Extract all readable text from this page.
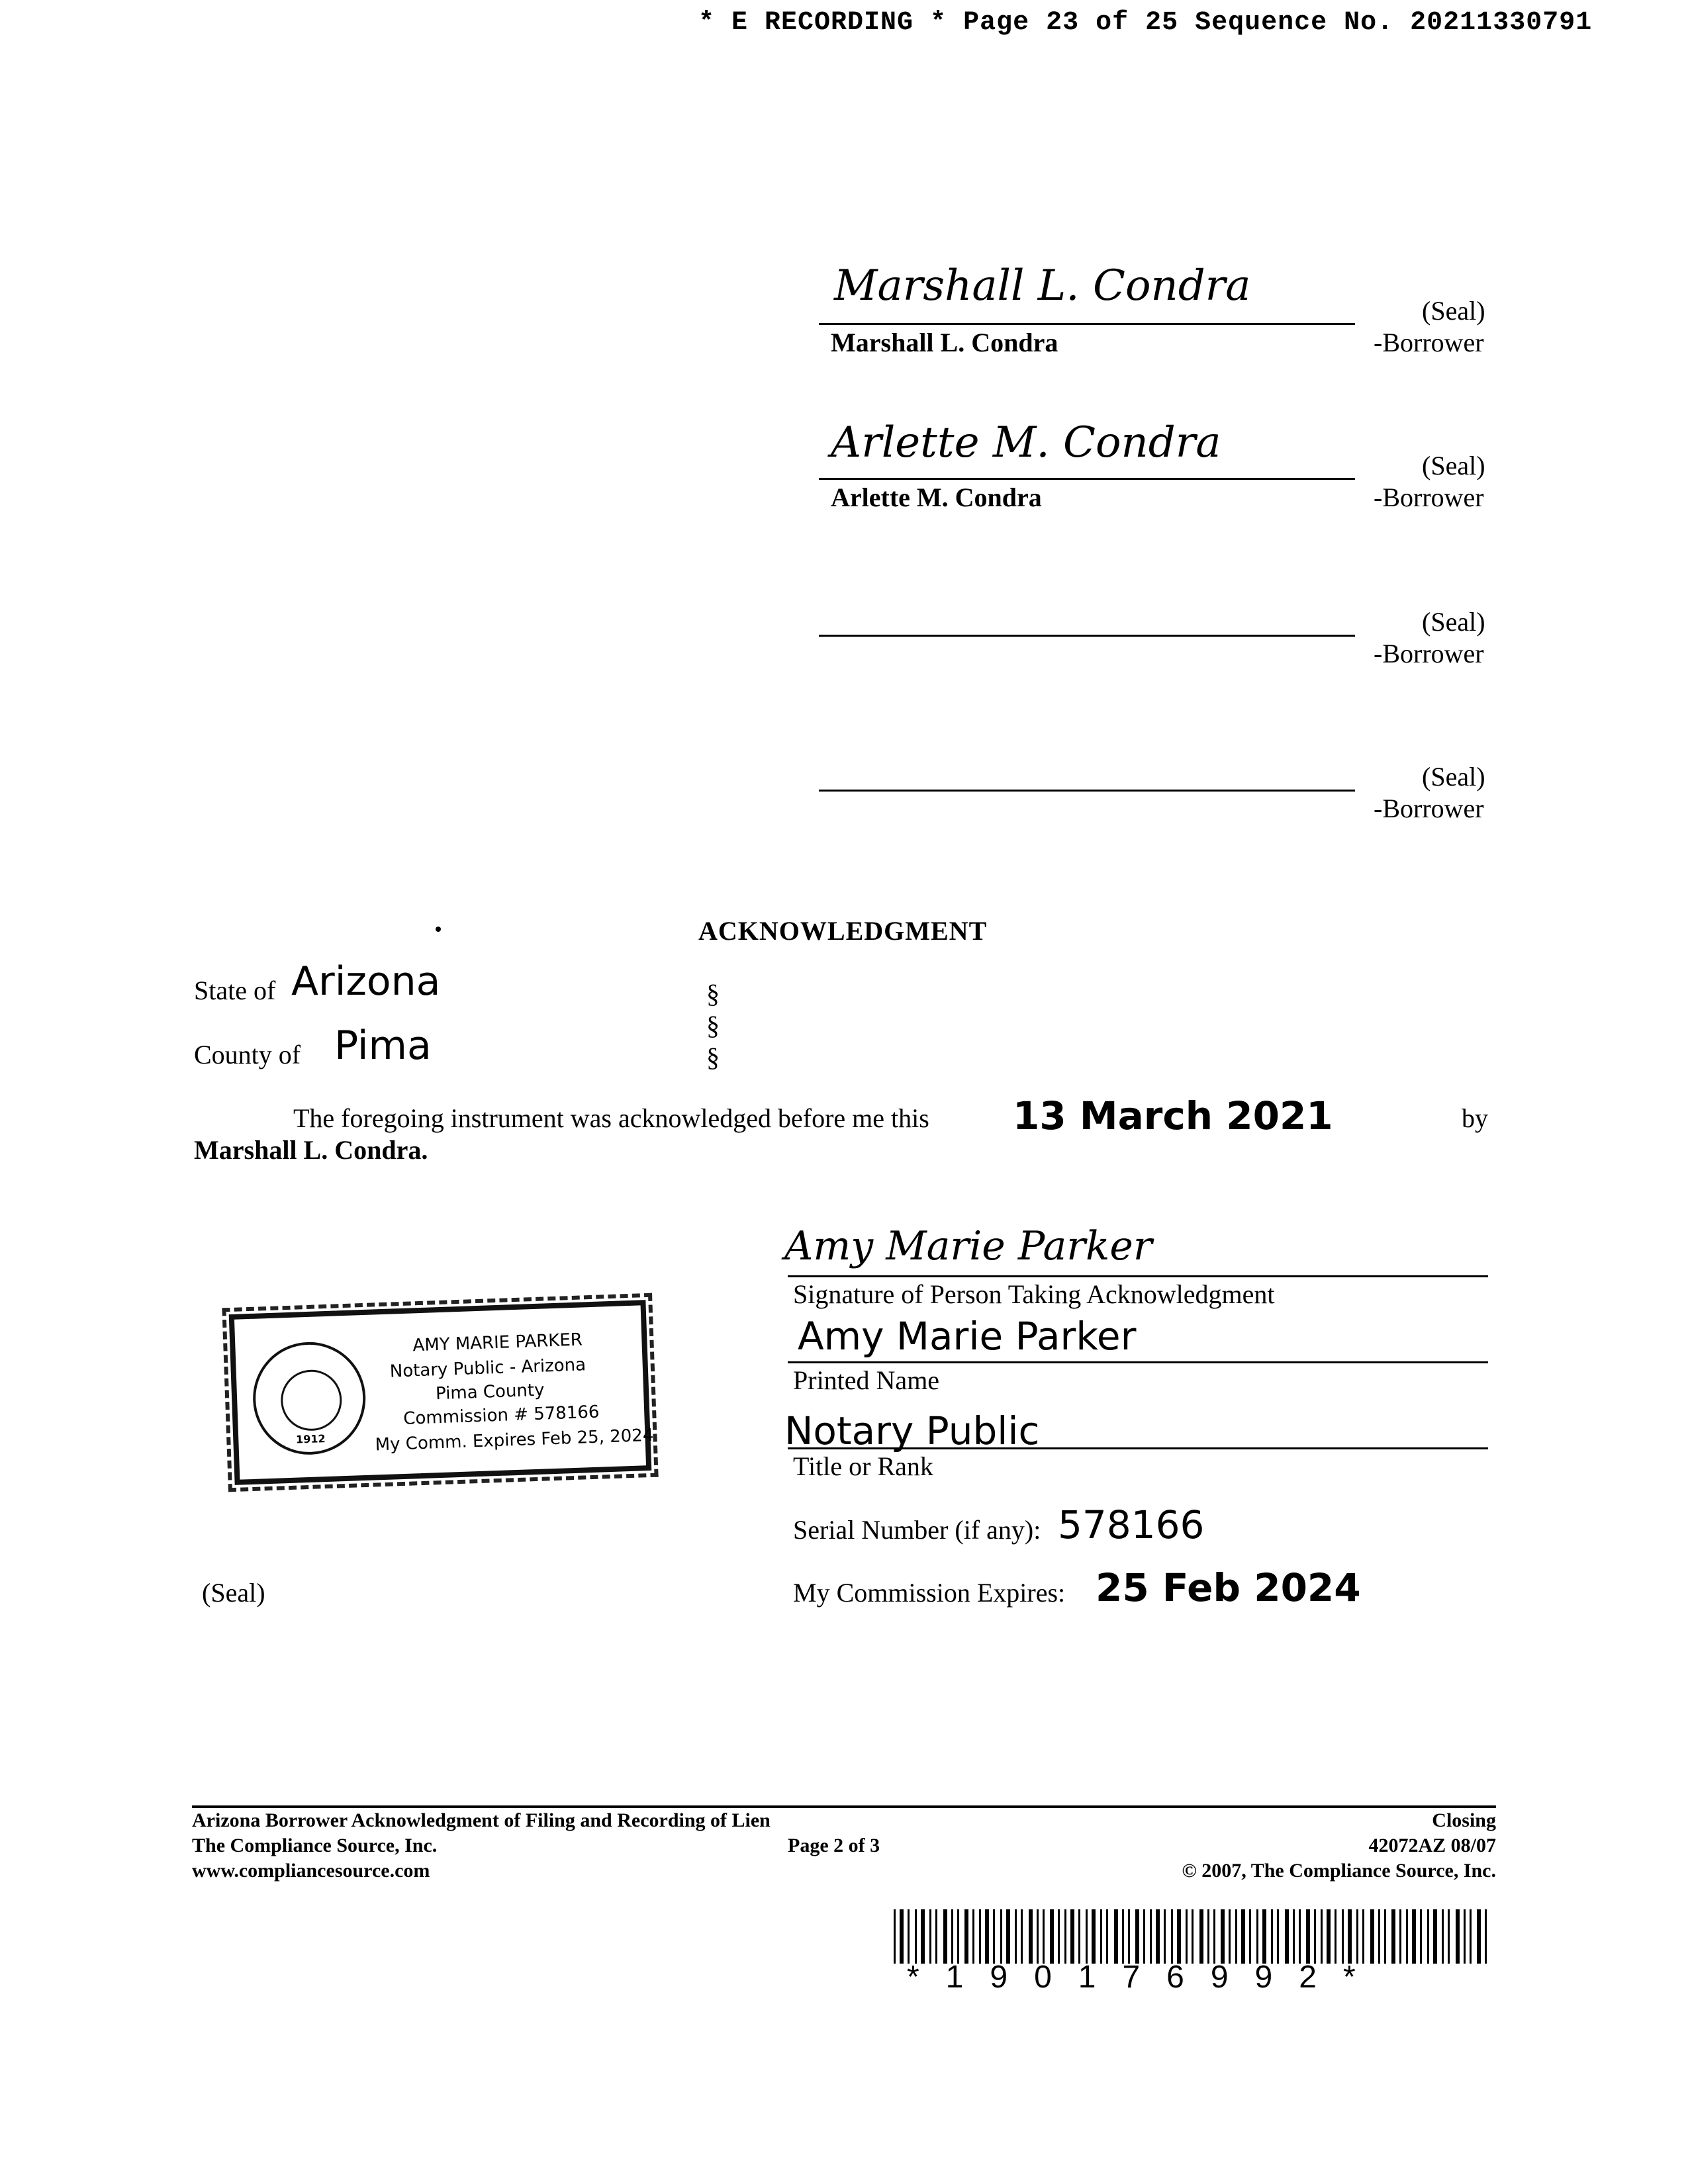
* E RECORDING * Page 23 of 25 Sequence No. 20211330791
Marshall L. Condra
Marshall L. Condra
(Seal)
-Borrower
Arlette M. Condra
Arlette M. Condra
(Seal)
-Borrower
(Seal)
-Borrower
(Seal)
-Borrower
ACKNOWLEDGMENT
State of Arizona
County of Pima
§
§
§
The foregoing instrument was acknowledged before me this 13 March 2021	by
Marshall L. Condra.
Amy Marie Parker
Signature of Person Taking Acknowledgment
Amy Marie Parker
Printed Name
Notary Public
Title or Rank
Serial Number (if any): 578166
My Commission Expires: 25 Feb 2024
(Seal)
1912
AMY MARIE PARKER
Notary Public - Arizona
Pima County
Commission # 578166
My Comm. Expires Feb 25, 2024
Arizona Borrower Acknowledgment of Filing and Recording of Lien
The Compliance Source, Inc.
www.compliancesource.com
Page 2 of 3
Closing
42072AZ 08/07
© 2007, The Compliance Source, Inc.
*190176992*
